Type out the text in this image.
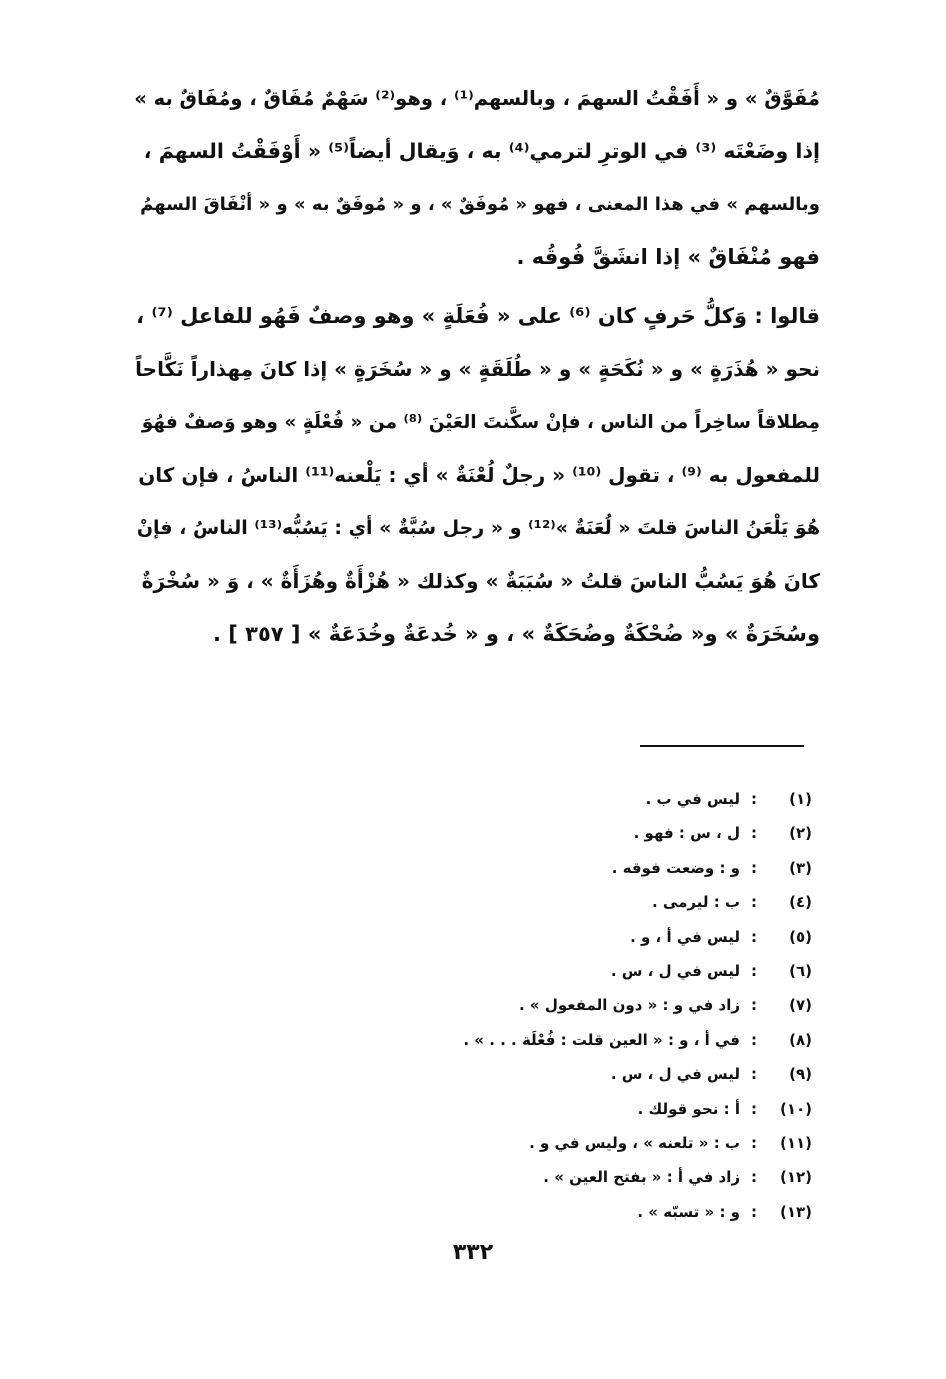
مُفَوَّقٌ » و « أَفَقْتُ السهمَ ، وبالسهم⁽¹⁾ ، وهو⁽²⁾ سَهْمٌ مُفَاقٌ ، ومُفَاقٌ به »
إذا وضَعْتَه ⁽³⁾ في الوترِ لترمي⁽⁴⁾ به ، وَيقال أيضاً⁽⁵⁾ « أَوْفَقْتُ السهمَ ،
وبالسهم » في هذا المعنى ، فهو « مُوفَقٌ » ، و « مُوفَقٌ به » و « أنْفَاقَ السهمُ
فهو مُنْفَاقٌ » إذا انشَقَّ فُوقُه .
قالوا : وَكلُّ حَرفٍ كان ⁽⁶⁾ على « فُعَلَةٍ » وهو وصفٌ فَهُو للفاعل ⁽⁷⁾ ،
نحو « هُذَرَةٍ » و « نُكَحَةٍ » و « طُلَقَةٍ » و « سُخَرَةٍ » إذا كانَ مِهذاراً نَكَّاحاً
مِطلاقاً ساخِراً من الناس ، فإنْ سكَّنتَ العَيْنَ ⁽⁸⁾ من « فُعْلَةٍ » وهو وَصفٌ فهُوَ
للمفعول به ⁽⁹⁾ ، تقول ⁽¹⁰⁾ « رجلٌ لُعْنَةٌ » أي : يَلْعنه⁽¹¹⁾ الناسُ ، فإن كان
هُوَ يَلْعَنُ الناسَ قلتَ « لُعَنَةٌ »⁽¹²⁾ و « رجل سُبَّةٌ » أي : يَسُبُّه⁽¹³⁾ الناسُ ، فإنْ
كانَ هُوَ يَسُبُّ الناسَ قلتُ « سُبَبَةٌ » وكذلك « هُزْأَةٌ وهُزَأَةٌ » ، وَ « سُخْرَةٌ
وسُخَرَةٌ » و« ضُحْكَةٌ وضُحَكَةٌ » ، و « خُدعَةٌ وخُدَعَةٌ » [ ٣٥٧ ] .
(١)
:
ليس في ب .
(٢)
:
ل ، س : فهو .
(٣)
:
و : وضعت فوقه .
(٤)
:
ب : ليرمى .
(٥)
:
ليس في أ ، و .
(٦)
:
ليس في ل ، س .
(٧)
:
زاد في و : « دون المفعول » .
(٨)
:
في أ ، و : « العين قلت : فُعْلَة . . . » .
(٩)
:
ليس في ل ، س .
(١٠)
:
أ : نحو قولك .
(١١)
:
ب : « تلعنه » ، وليس في و .
(١٢)
:
زاد في أ : « بفتح العين » .
(١٣)
:
و : « تسبّه » .
٣٣٢
